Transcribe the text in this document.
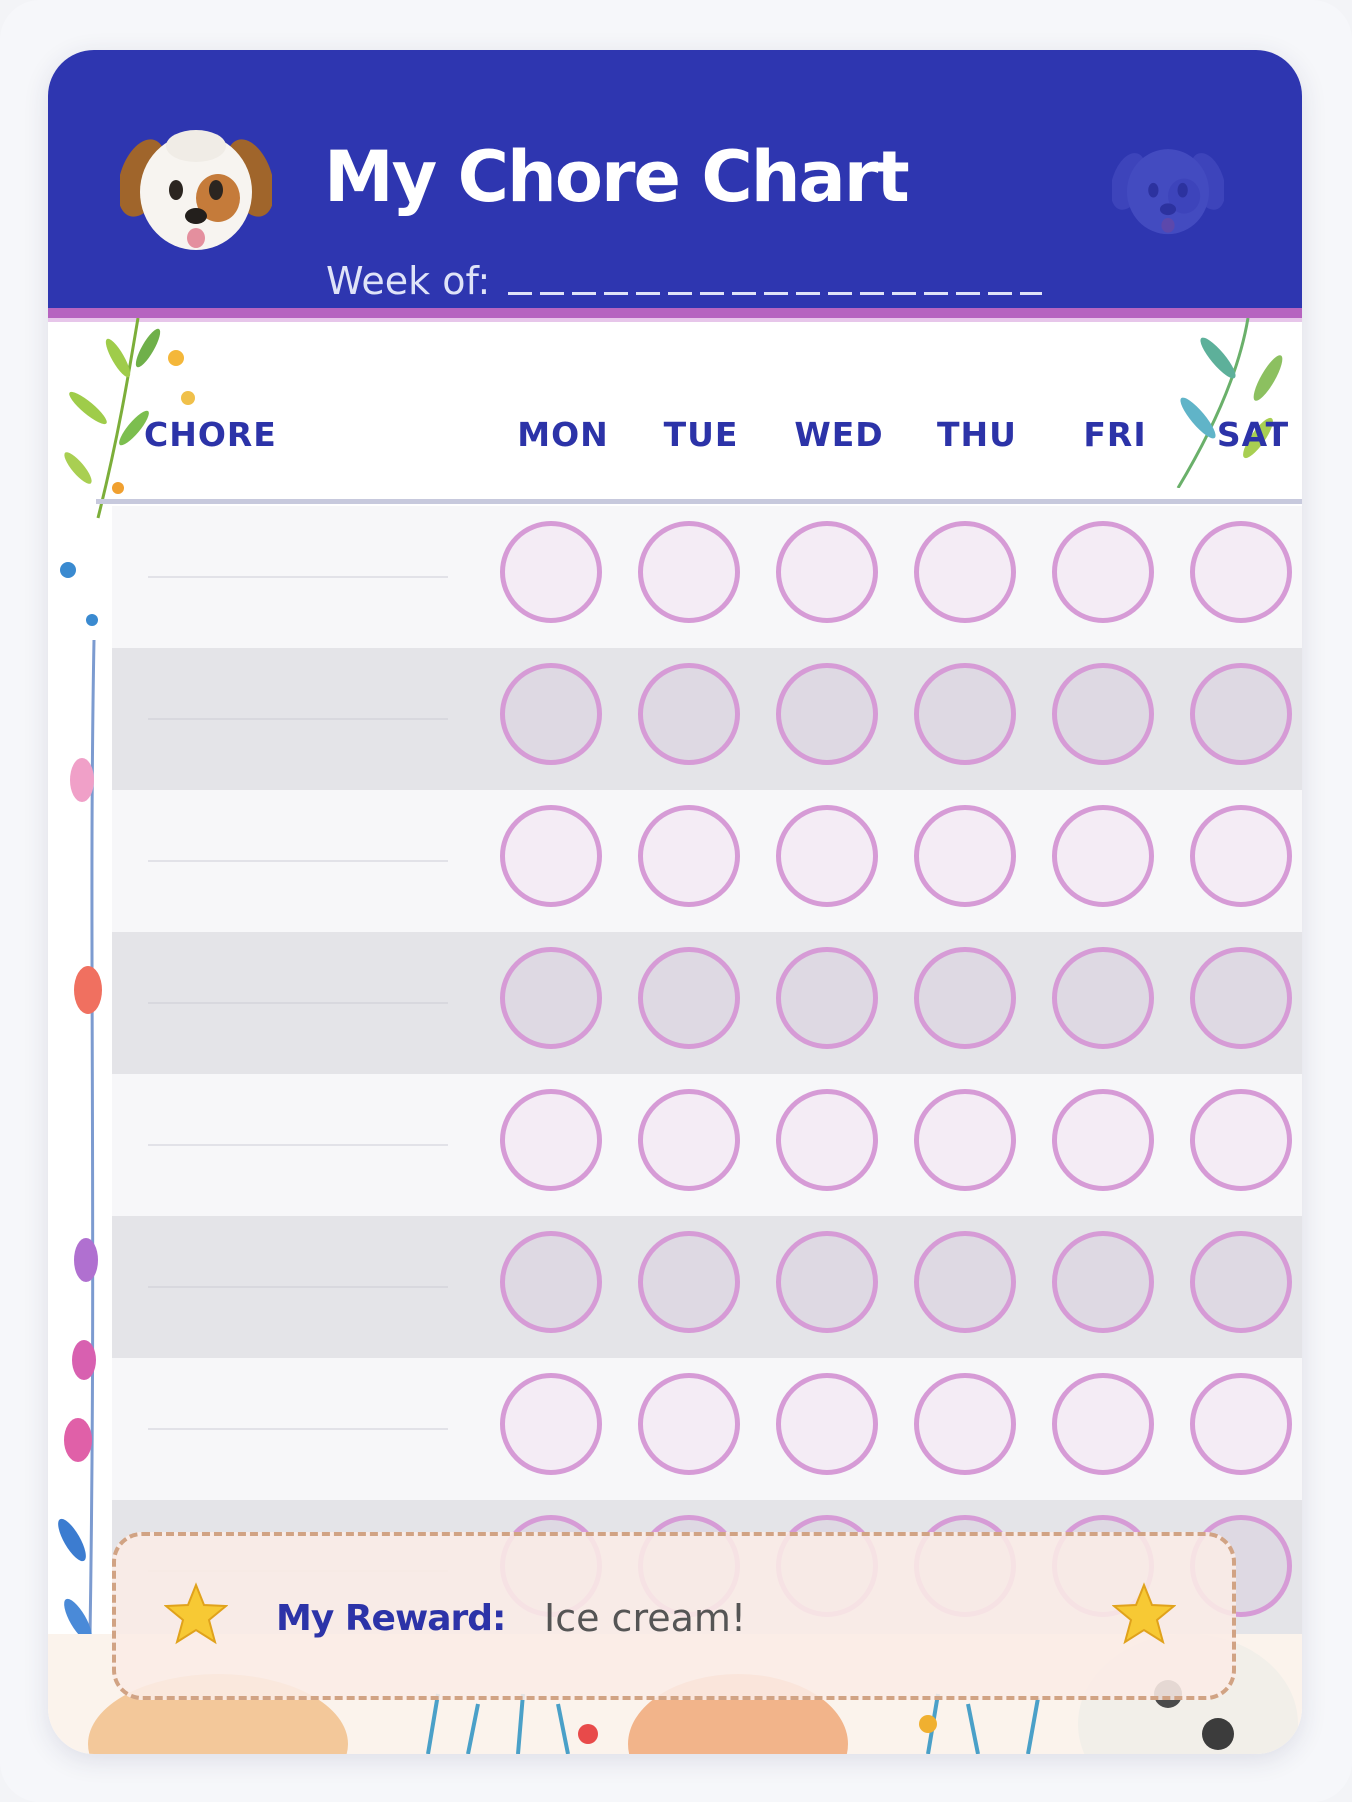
My Chore Chart
Week of:
CHORE	MON	TUE	WED	THU	FRI	SAT
My Reward: Ice cream!
